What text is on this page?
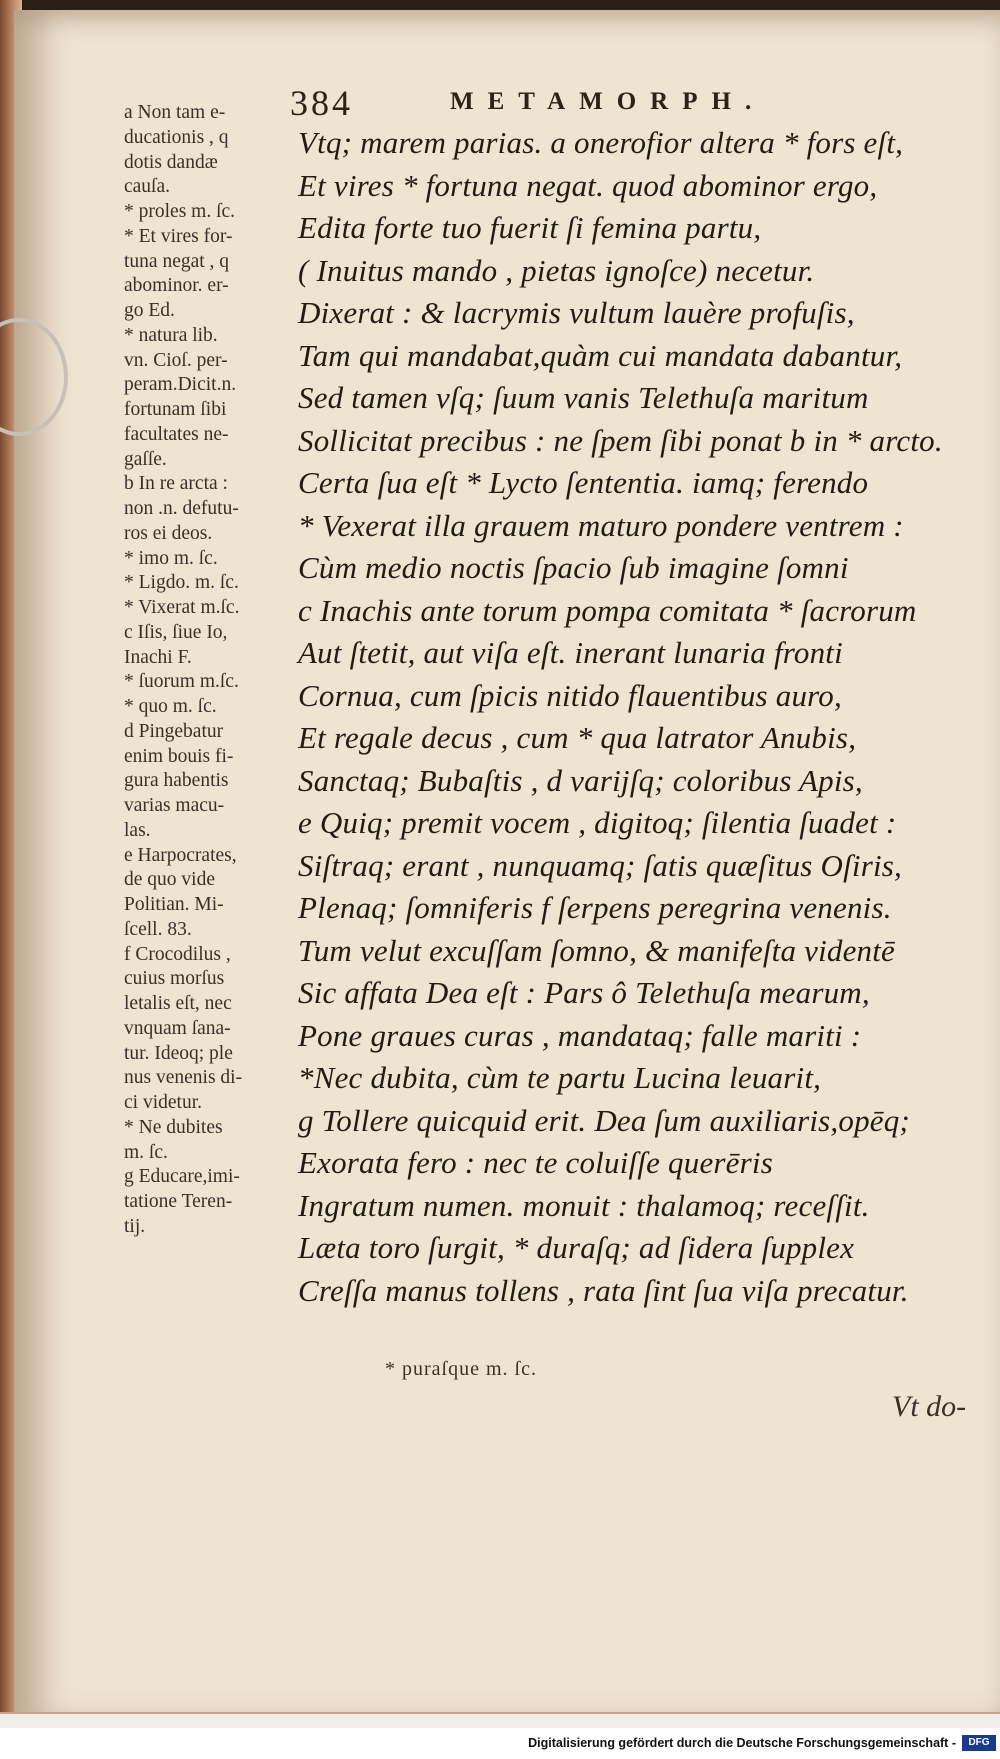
384	METAMORPH.
a Non tam e-
ducationis , q
dotis dandæ
cauſa.
* proles m. ſc.
* Et vires for-
tuna negat , q
abominor. er-
go Ed.
* natura lib.
vn. Cioſ. per-
peram.Dicit.n.
fortunam ſibi
facultates ne-
gaſſe.
b In re arcta :
non .n. defutu-
ros ei deos.
* imo m. ſc.
* Ligdo. m. ſc.
* Vixerat m.ſc.
c Iſis, ſiue Io,
Inachi F.
* ſuorum m.ſc.
* quo m. ſc.
d Pingebatur
enim bouis fi-
gura habentis
varias macu-
las.
e Harpocrates,
de quo vide
Politian. Mi-
ſcell. 83.
f Crocodilus ,
cuius morſus
letalis eſt, nec
vnquam ſana-
tur. Ideoq; ple
nus venenis di-
ci videtur.
* Ne dubites
m. ſc.
g Educare,imi-
tatione Teren-
tij.
Vtq; marem parias. a onerofior altera * fors eſt,
Et vires * fortuna negat. quod abominor ergo,
Edita forte tuo fuerit ſi femina partu,
( Inuitus mando , pietas ignoſce) necetur.
Dixerat : & lacrymis vultum lauère profuſis,
Tam qui mandabat,quàm cui mandata dabantur,
Sed tamen vſq; ſuum vanis Telethuſa maritum
Sollicitat precibus : ne ſpem ſibi ponat b in * arcto.
Certa ſua eſt * Lycto ſententia. iamq; ferendo
* Vexerat illa grauem maturo pondere ventrem :
Cùm medio noctis ſpacio ſub imagine ſomni
c Inachis ante torum pompa comitata * ſacrorum
Aut ſtetit, aut viſa eſt. inerant lunaria fronti
Cornua, cum ſpicis nitido flauentibus auro,
Et regale decus , cum * qua latrator Anubis,
Sanctaq; Bubaſtis , d varijſq; coloribus Apis,
e Quiq; premit vocem , digitoq; ſilentia ſuadet :
Siſtraq; erant , nunquamq; ſatis quæſitus Oſiris,
Plenaq; ſomniferis f ſerpens peregrina venenis.
Tum velut excuſſam ſomno, & manifeſta videntē
Sic affata Dea eſt : Pars ô Telethuſa mearum,
Pone graues curas , mandataq; falle mariti :
*Nec dubita, cùm te partu Lucina leuarit,
g Tollere quicquid erit. Dea ſum auxiliaris,opēq;
Exorata fero : nec te coluiſſe querēris
Ingratum numen. monuit : thalamoq; receſſit.
Læta toro ſurgit, * duraſq; ad ſidera ſupplex
Creſſa manus tollens , rata ſint ſua viſa precatur.
* puraſque m. ſc.
Vt do-
Digitalisierung gefördert durch die Deutsche Forschungsgemeinschaft -	DFG
